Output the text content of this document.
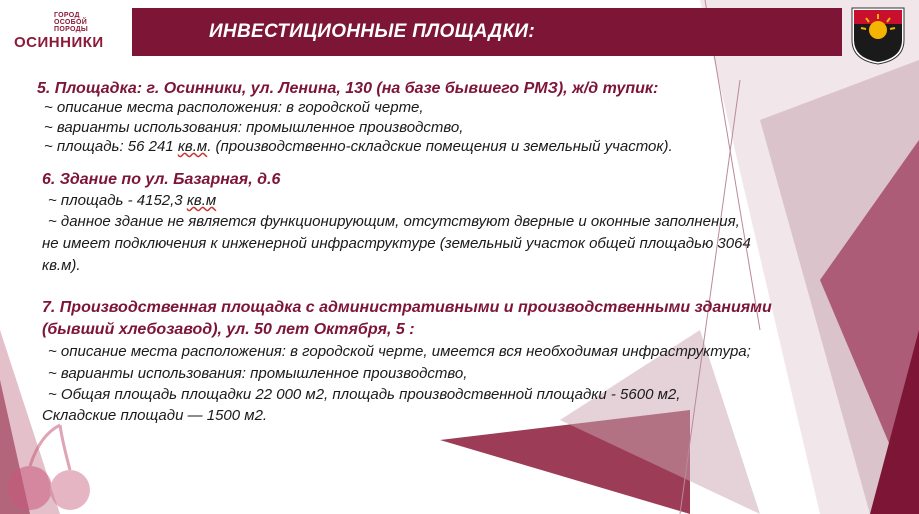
ГОРОД
ОСОБОЙ
ПОРОДЫ
ОСИННИКИ	ИНВЕСТИЦИОННЫЕ ПЛОЩАДКИ:
5. Площадка: г. Осинники, ул. Ленина, 130 (на базе бывшего РМЗ), ж/д тупик:
~ описание места расположения: в городской черте,
~ варианты использования: промышленное производство,
~ площадь: 56 241 кв.м. (производственно-складские помещения и земельный участок).
6. Здание по ул. Базарная, д.6
~ площадь - 4152,3 кв.м
~ данное здание не является функционирующим, отсутствуют дверные и оконные заполнения,
не имеет подключения к инженерной инфраструктуре (земельный участок общей площадью 3064
кв.м).
7. Производственная площадка с административными и производственными зданиями
(бывший хлебозавод), ул. 50 лет Октября, 5 :
~ описание места расположения: в городской черте, имеется вся необходимая инфраструктура;
~ варианты использования: промышленное производство,
~ Общая площадь площадки 22 000 м2, площадь производственной площадки - 5600 м2,
Складские площади — 1500 м2.
